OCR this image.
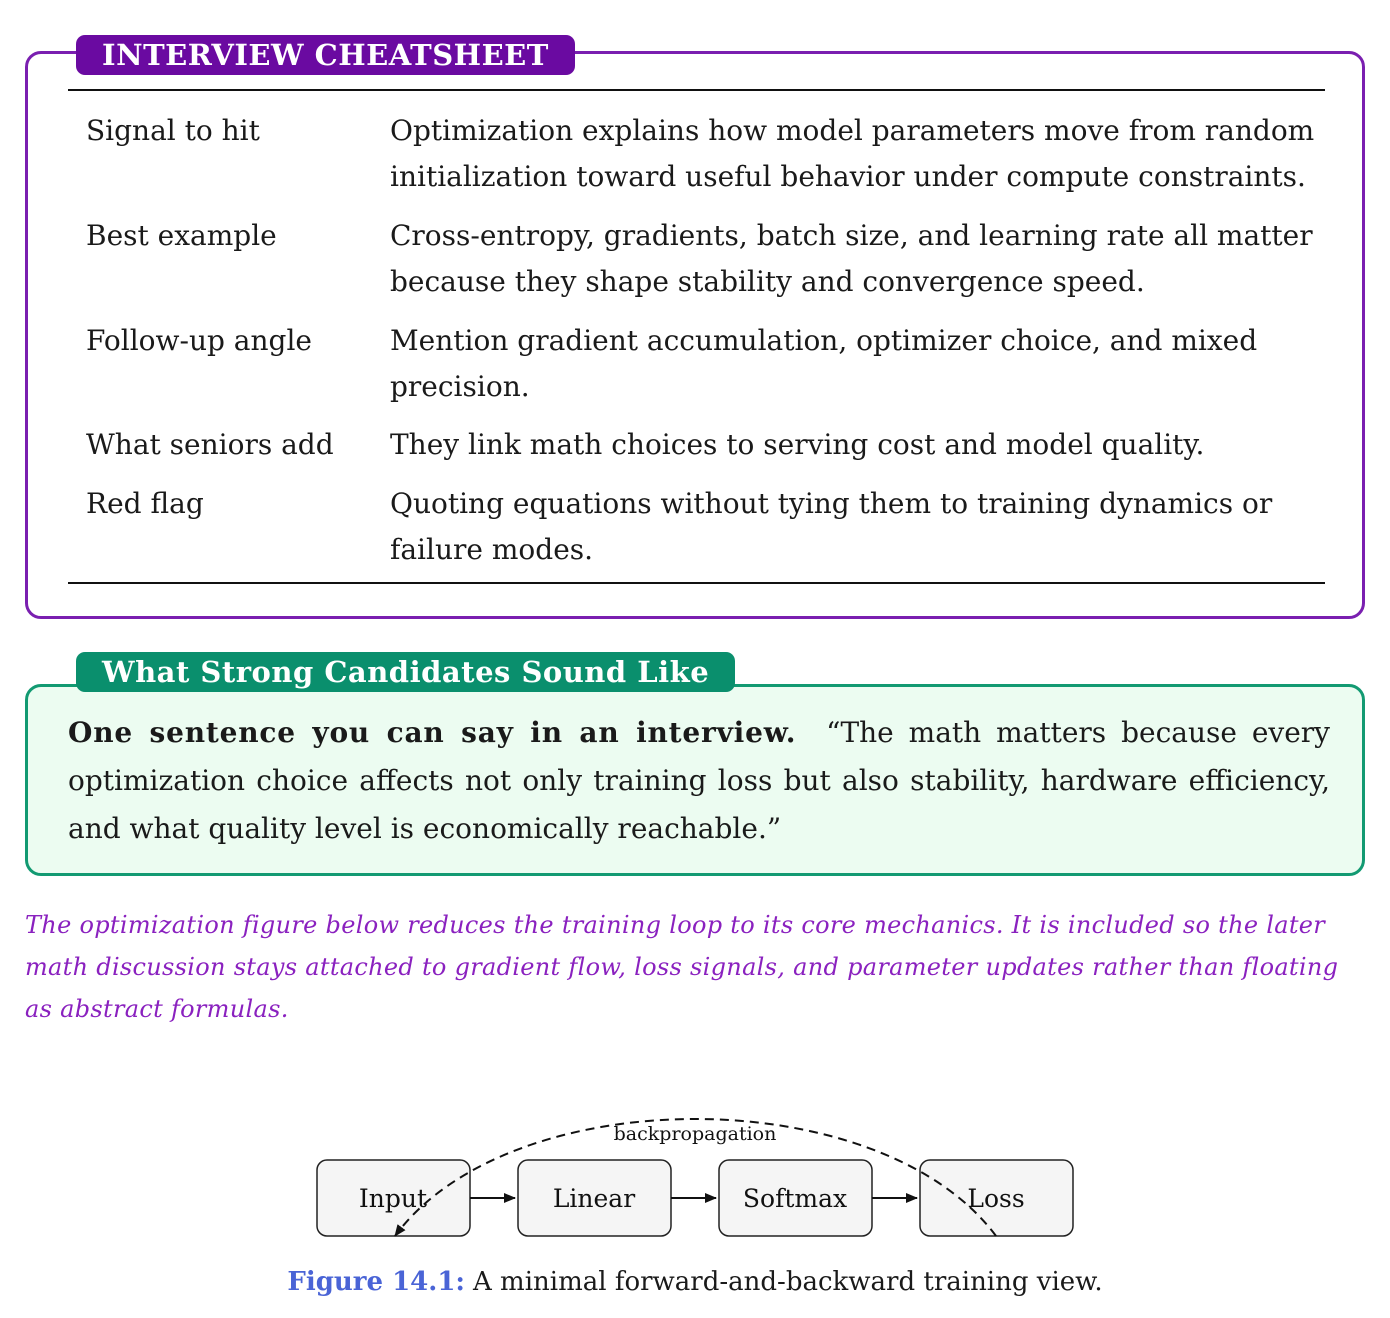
INTERVIEW CHEATSHEET
Signal to hit	Optimization explains how model parameters move from random
initialization toward useful behavior under compute constraints.
Best example	Cross-entropy, gradients, batch size, and learning rate all matter
because they shape stability and convergence speed.
Follow-up angle	Mention gradient accumulation, optimizer choice, and mixed
precision.
What seniors add	They link math choices to serving cost and model quality.
Red flag	Quoting equations without tying them to training dynamics or
failure modes.
What Strong Candidates Sound Like
One sentence you can say in an interview. “The math matters because every optimization choice affects not only training loss but also stability, hardware efficiency, and what quality level is economically reachable.”
The optimization figure below reduces the training loop to its core mechanics. It is included so the later math discussion stays attached to gradient flow, loss signals, and parameter updates rather than floating as abstract formulas.
Input	Linear	Softmax	Loss
backpropagation
Figure 14.1: A minimal forward-and-backward training view.
